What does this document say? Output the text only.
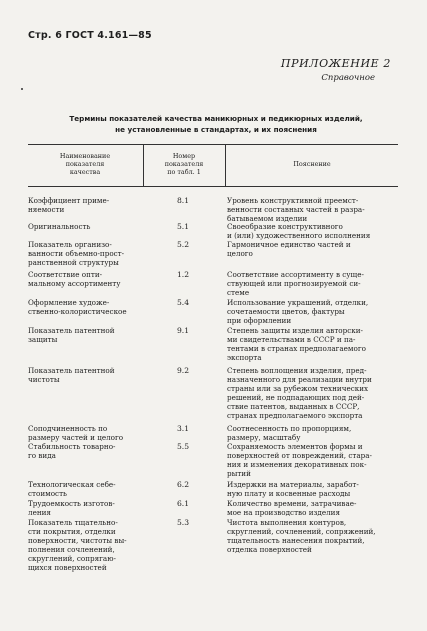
Стр. 6 ГОСТ 4.161—85
ПРИЛОЖЕНИЕ 2
Справочное
Термины показателей качества маникюрных и педикюрных изделий,
не установленные в стандартах, и их пояснения
Наименование
показателя
качества
Номер
показателя
по табл. 1
Пояснение
Коэффициент приме-
няемости
8.1	Уровень конструктивной преемст-
венности составных частей в разра-
батываемом изделии
Оригинальность	5.1	Своеобразие конструктивного
и (или) художественного исполнения
Показатель организо-
ванности объемно-прост-
ранственной структуры
5.2	Гармоничное единство частей и
целого
Соответствие опти-
мальному ассортименту
1.2	Соответствие ассортименту в суще-
ствующей или прогнозируемой си-
стеме
Оформление художе-
ственно-колористическое
5.4	Использование украшений, отделки,
сочетаемости цветов, фактуры
при оформлении
Показатель патентной
защиты
9.1	Степень защиты изделия авторски-
ми свидетельствами в СССР и па-
тентами в странах предполагаемого
экспорта
Показатель патентной
чистоты
9.2	Степень воплощения изделия, пред-
назначенного для реализации внутри
страны или за рубежом технических
решений, не подпадающих под дей-
ствие патентов, выданных в СССР,
странах предполагаемого экспорта
Соподчиненность по
размеру частей и целого
3.1	Соотнесенность по пропорциям,
размеру, масштабу
Стабильность товарно-
го вида
5.5	Сохраняемость элементов формы и
поверхностей от повреждений, стара-
ния и изменения декоративных пок-
рытий
Технологическая себе-
стоимость
6.2	Издержки на материалы, заработ-
ную плату и косвенные расходы
Трудоемкость изготов-
ления
6.1	Количество времени, затрачивае-
мое на производство изделия
Показатель тщательно-
сти покрытия, отделки
поверхности, чистоты вы-
полнения сочленений,
скруглений, сопрягаю-
щихся поверхностей
5.3	Чистота выполнения контуров,
скруглений, сочленений, сопряжений,
тщательность нанесения покрытий,
отделка поверхностей
